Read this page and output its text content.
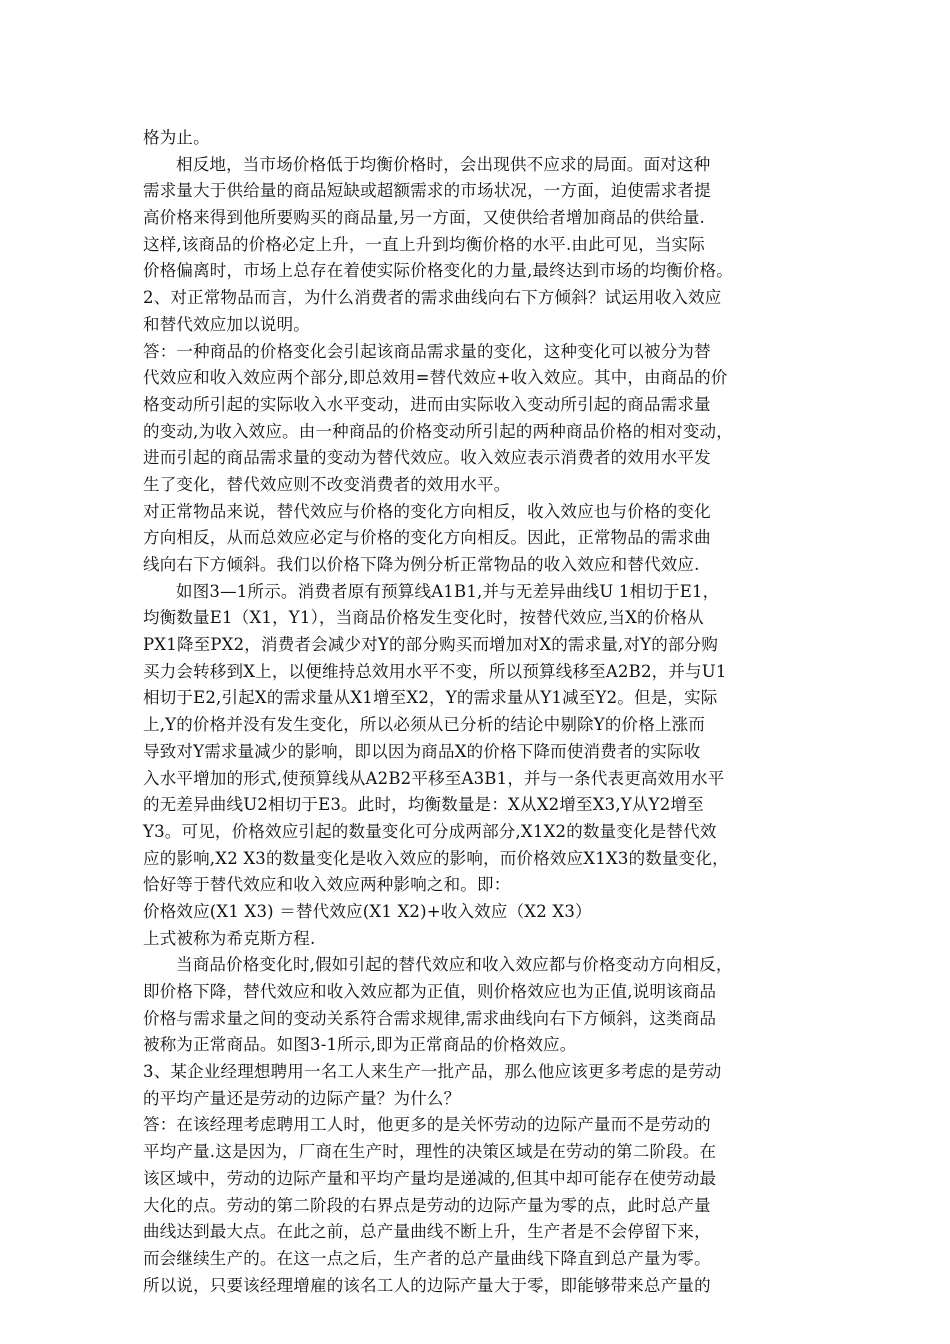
格为止。
相反地，当市场价格低于均衡价格时，会出现供不应求的局面。面对这种
需求量大于供给量的商品短缺或超额需求的市场状况，一方面，迫使需求者提
高价格来得到他所要购买的商品量,另一方面，又使供给者增加商品的供给量.
这样,该商品的价格必定上升，一直上升到均衡价格的水平.由此可见，当实际
价格偏离时，市场上总存在着使实际价格变化的力量,最终达到市场的均衡价格。
2、对正常物品而言，为什么消费者的需求曲线向右下方倾斜？试运用收入效应
和替代效应加以说明。
答：一种商品的价格变化会引起该商品需求量的变化，这种变化可以被分为替
代效应和收入效应两个部分,即总效用=替代效应+收入效应。其中，由商品的价
格变动所引起的实际收入水平变动，进而由实际收入变动所引起的商品需求量
的变动,为收入效应。由一种商品的价格变动所引起的两种商品价格的相对变动，
进而引起的商品需求量的变动为替代效应。收入效应表示消费者的效用水平发
生了变化，替代效应则不改变消费者的效用水平。
对正常物品来说，替代效应与价格的变化方向相反，收入效应也与价格的变化
方向相反，从而总效应必定与价格的变化方向相反。因此，正常物品的需求曲
线向右下方倾斜。我们以价格下降为例分析正常物品的收入效应和替代效应.
如图3—1所示。消费者原有预算线A1B1,并与无差异曲线U 1相切于E1，
均衡数量E1（X1，Y1），当商品价格发生变化时，按替代效应,当X的价格从
PX1降至PX2，消费者会减少对Y的部分购买而增加对X的需求量,对Y的部分购
买力会转移到X上，以便维持总效用水平不变，所以预算线移至A2B2，并与U1
相切于E2,引起X的需求量从X1增至X2，Y的需求量从Y1减至Y2。但是，实际
上,Y的价格并没有发生变化，所以必须从已分析的结论中剔除Y的价格上涨而
导致对Y需求量减少的影响，即以因为商品X的价格下降而使消费者的实际收
入水平增加的形式,使预算线从A2B2平移至A3B1，并与一条代表更高效用水平
的无差异曲线U2相切于E3。此时，均衡数量是：X从X2增至X3,Y从Y2增至
Y3。可见，价格效应引起的数量变化可分成两部分,X1X2的数量变化是替代效
应的影响,X2 X3的数量变化是收入效应的影响，而价格效应X1X3的数量变化，
恰好等于替代效应和收入效应两种影响之和。即：
价格效应(X1 X3) ＝替代效应(X1 X2)+收入效应（X2 X3）
上式被称为希克斯方程.
当商品价格变化时,假如引起的替代效应和收入效应都与价格变动方向相反，
即价格下降，替代效应和收入效应都为正值，则价格效应也为正值,说明该商品
价格与需求量之间的变动关系符合需求规律,需求曲线向右下方倾斜，这类商品
被称为正常商品。如图3-1所示,即为正常商品的价格效应。
3、某企业经理想聘用一名工人来生产一批产品，那么他应该更多考虑的是劳动
的平均产量还是劳动的边际产量？为什么？
答：在该经理考虑聘用工人时，他更多的是关怀劳动的边际产量而不是劳动的
平均产量.这是因为，厂商在生产时，理性的决策区域是在劳动的第二阶段。在
该区域中，劳动的边际产量和平均产量均是递减的,但其中却可能存在使劳动最
大化的点。劳动的第二阶段的右界点是劳动的边际产量为零的点，此时总产量
曲线达到最大点。在此之前，总产量曲线不断上升，生产者是不会停留下来，
而会继续生产的。在这一点之后，生产者的总产量曲线下降直到总产量为零。
所以说，只要该经理增雇的该名工人的边际产量大于零，即能够带来总产量的
